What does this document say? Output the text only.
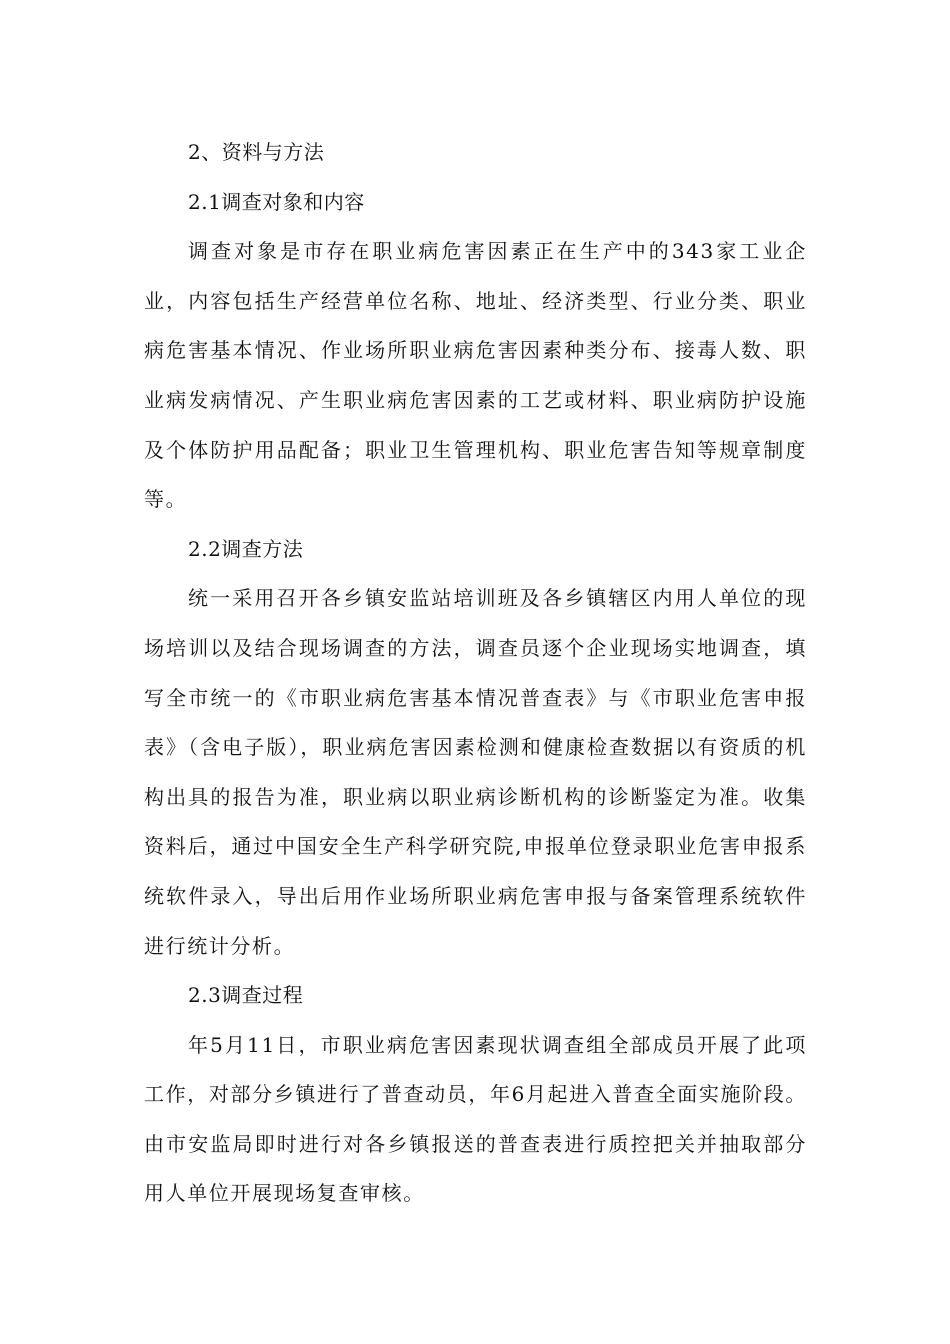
2、资料与方法

2.1调查对象和内容

调查对象是市存在职业病危害因素正在生产中的343家工业企业，内容包括生产经营单位名称、地址、经济类型、行业分类、职业病危害基本情况、作业场所职业病危害因素种类分布、接毒人数、职业病发病情况、产生职业病危害因素的工艺或材料、职业病防护设施及个体防护用品配备；职业卫生管理机构、职业危害告知等规章制度等。

2.2调查方法

统一采用召开各乡镇安监站培训班及各乡镇辖区内用人单位的现场培训以及结合现场调查的方法，调查员逐个企业现场实地调查，填写全市统一的《市职业病危害基本情况普查表》与《市职业危害申报表》（含电子版），职业病危害因素检测和健康检查数据以有资质的机构出具的报告为准，职业病以职业病诊断机构的诊断鉴定为准。收集资料后，通过中国安全生产科学研究院,申报单位登录职业危害申报系统软件录入，导出后用作业场所职业病危害申报与备案管理系统软件进行统计分析。

2.3调查过程

年5月11日，市职业病危害因素现状调查组全部成员开展了此项工作，对部分乡镇进行了普查动员，年6月起进入普查全面实施阶段。由市安监局即时进行对各乡镇报送的普查表进行质控把关并抽取部分用人单位开展现场复查审核。
